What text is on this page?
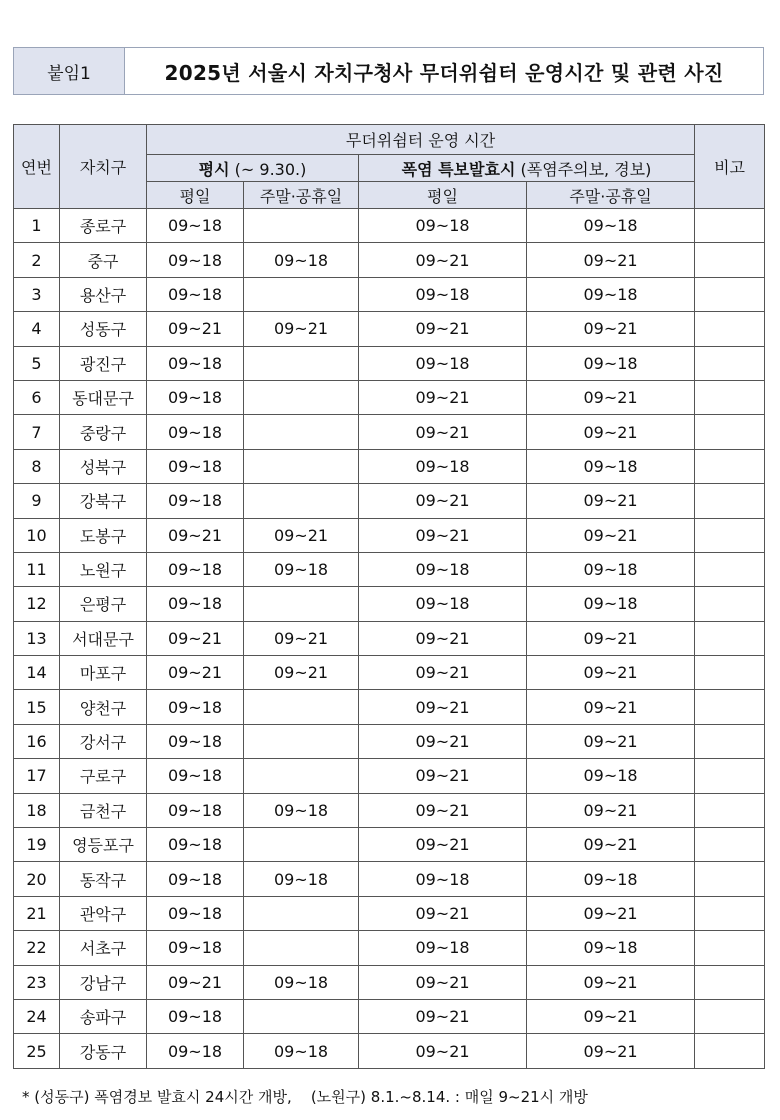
붙임1	2025년 서울시 자치구청사 무더위쉼터 운영시간 및 관련 사진
연번	자치구	무더위쉼터 운영 시간				비고
		평시 (~ 9.30.)		폭염 특보발효시 (폭염주의보, 경보)		
		평일	주말·공휴일	평일	주말·공휴일	
1	종로구	09~18		09~18	09~18	
2	중구	09~18	09~18	09~21	09~21	
3	용산구	09~18		09~18	09~18	
4	성동구	09~21	09~21	09~21	09~21	
5	광진구	09~18		09~18	09~18	
6	동대문구	09~18		09~21	09~21	
7	중랑구	09~18		09~21	09~21	
8	성북구	09~18		09~18	09~18	
9	강북구	09~18		09~21	09~21	
10	도봉구	09~21	09~21	09~21	09~21	
11	노원구	09~18	09~18	09~18	09~18	
12	은평구	09~18		09~18	09~18	
13	서대문구	09~21	09~21	09~21	09~21	
14	마포구	09~21	09~21	09~21	09~21	
15	양천구	09~18		09~21	09~21	
16	강서구	09~18		09~21	09~21	
17	구로구	09~18		09~21	09~18	
18	금천구	09~18	09~18	09~21	09~21	
19	영등포구	09~18		09~21	09~21	
20	동작구	09~18	09~18	09~18	09~18	
21	관악구	09~18		09~21	09~21	
22	서초구	09~18		09~18	09~18	
23	강남구	09~21	09~18	09~21	09~21	
24	송파구	09~18		09~21	09~21	
25	강동구	09~18	09~18	09~21	09~21	
* (성동구) 폭염경보 발효시 24시간 개방,    (노원구) 8.1.~8.14. : 매일 9~21시 개방
